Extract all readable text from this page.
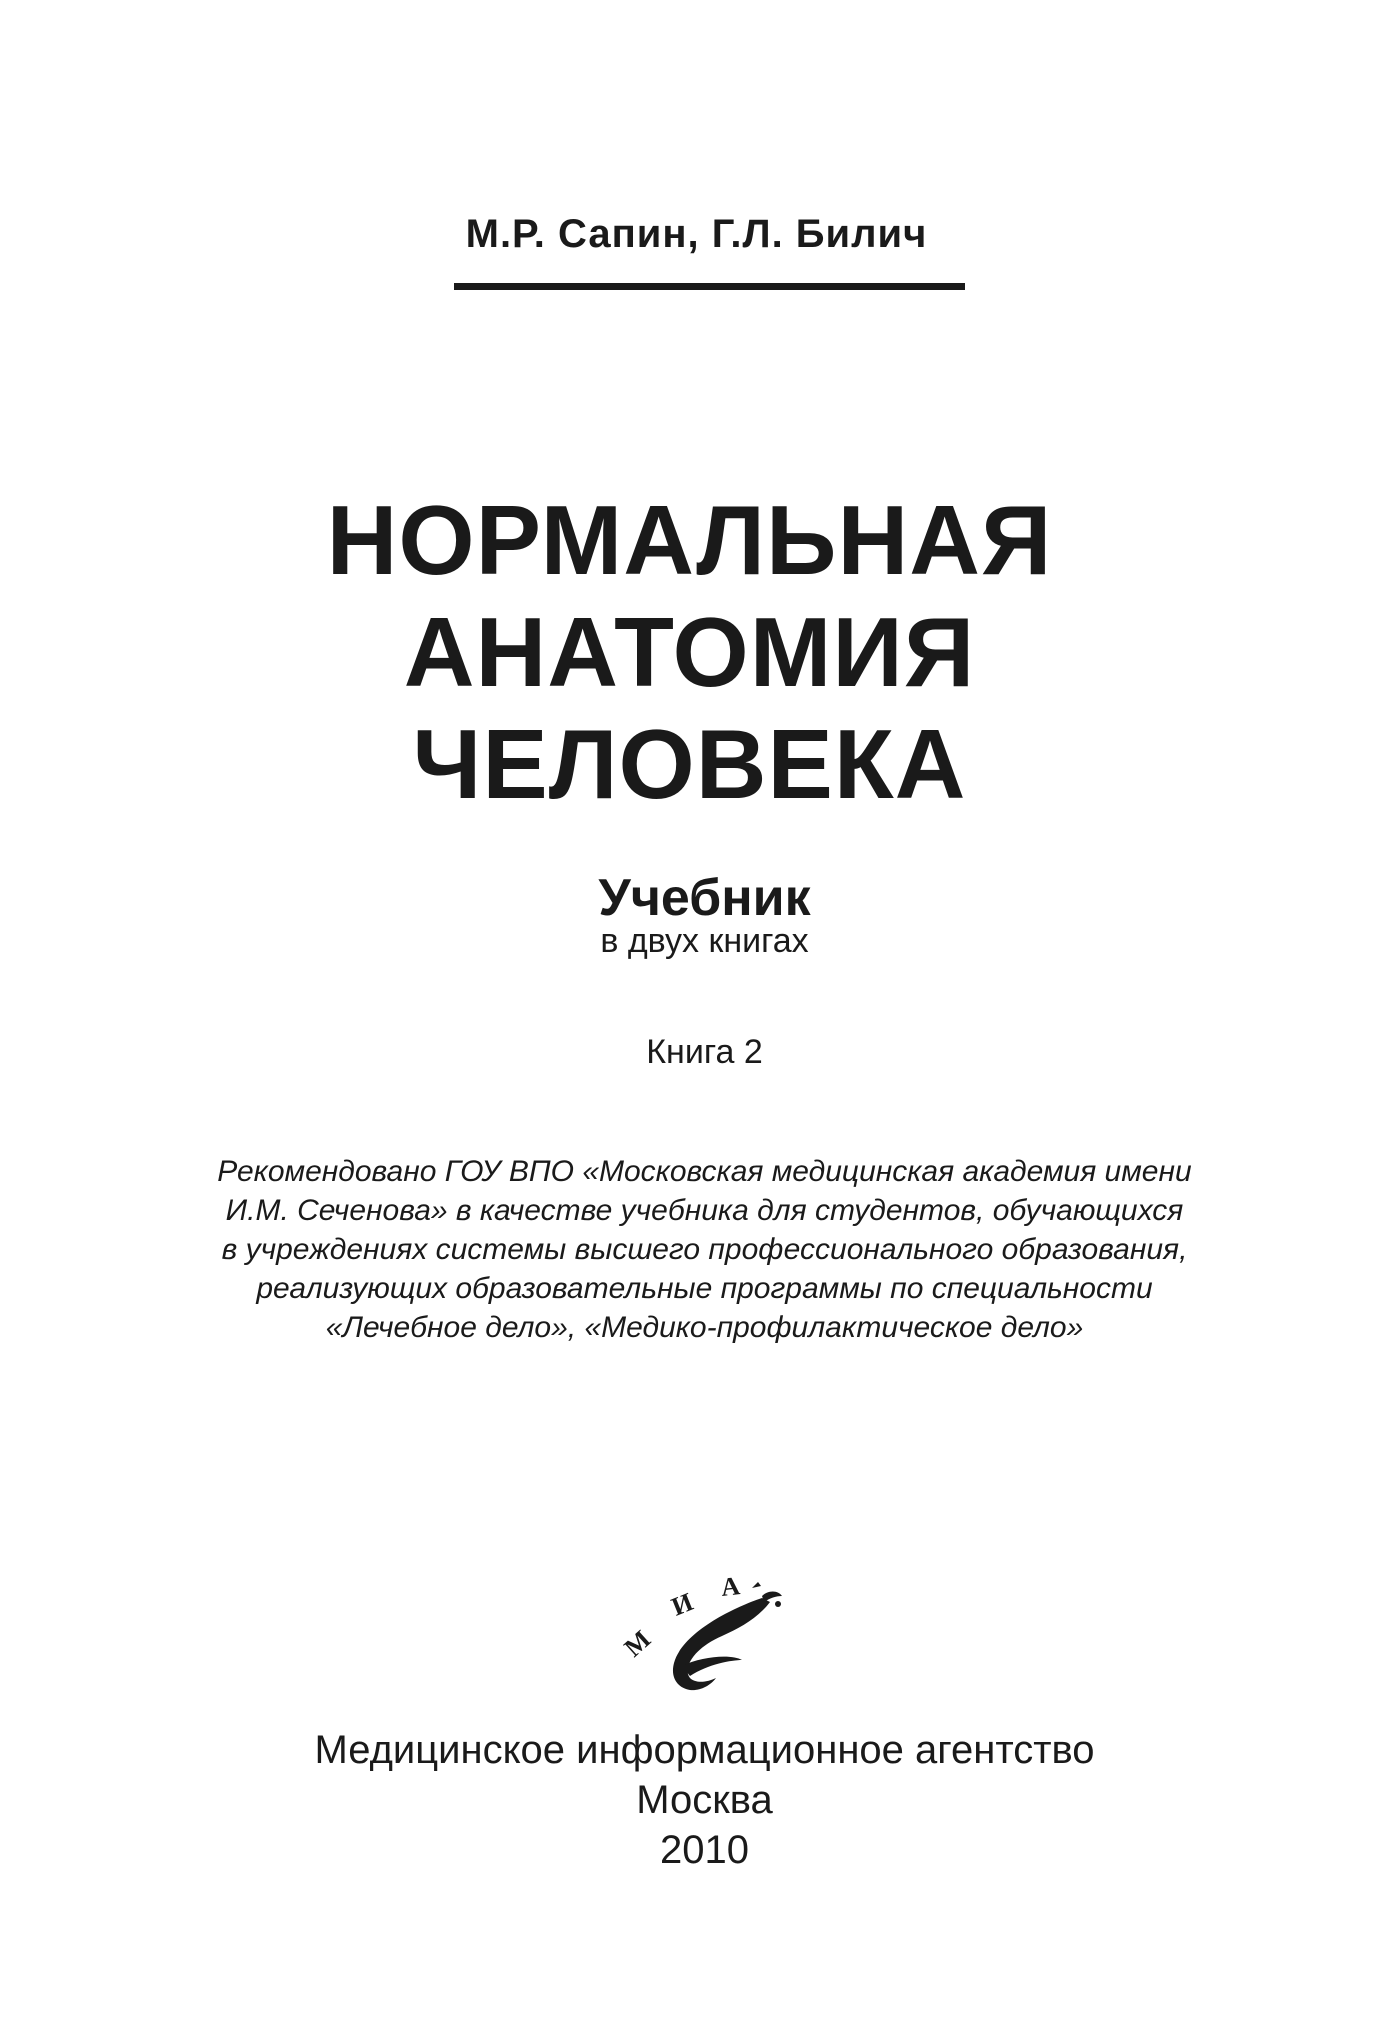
М.Р. Сапин, Г.Л. Билич
НОРМАЛЬНАЯ
АНАТОМИЯ
ЧЕЛОВЕКА
Учебник
в двух книгах
Книга 2
Рекомендовано ГОУ ВПО «Московская медицинская академия имени
И.М. Сеченова» в качестве учебника для студентов, обучающихся
в учреждениях системы высшего профессионального образования,
реализующих образовательные программы по специальности
«Лечебное дело», «Медико-профилактическое дело»
М
И
А
Медицинское информационное агентство
Москва
2010
